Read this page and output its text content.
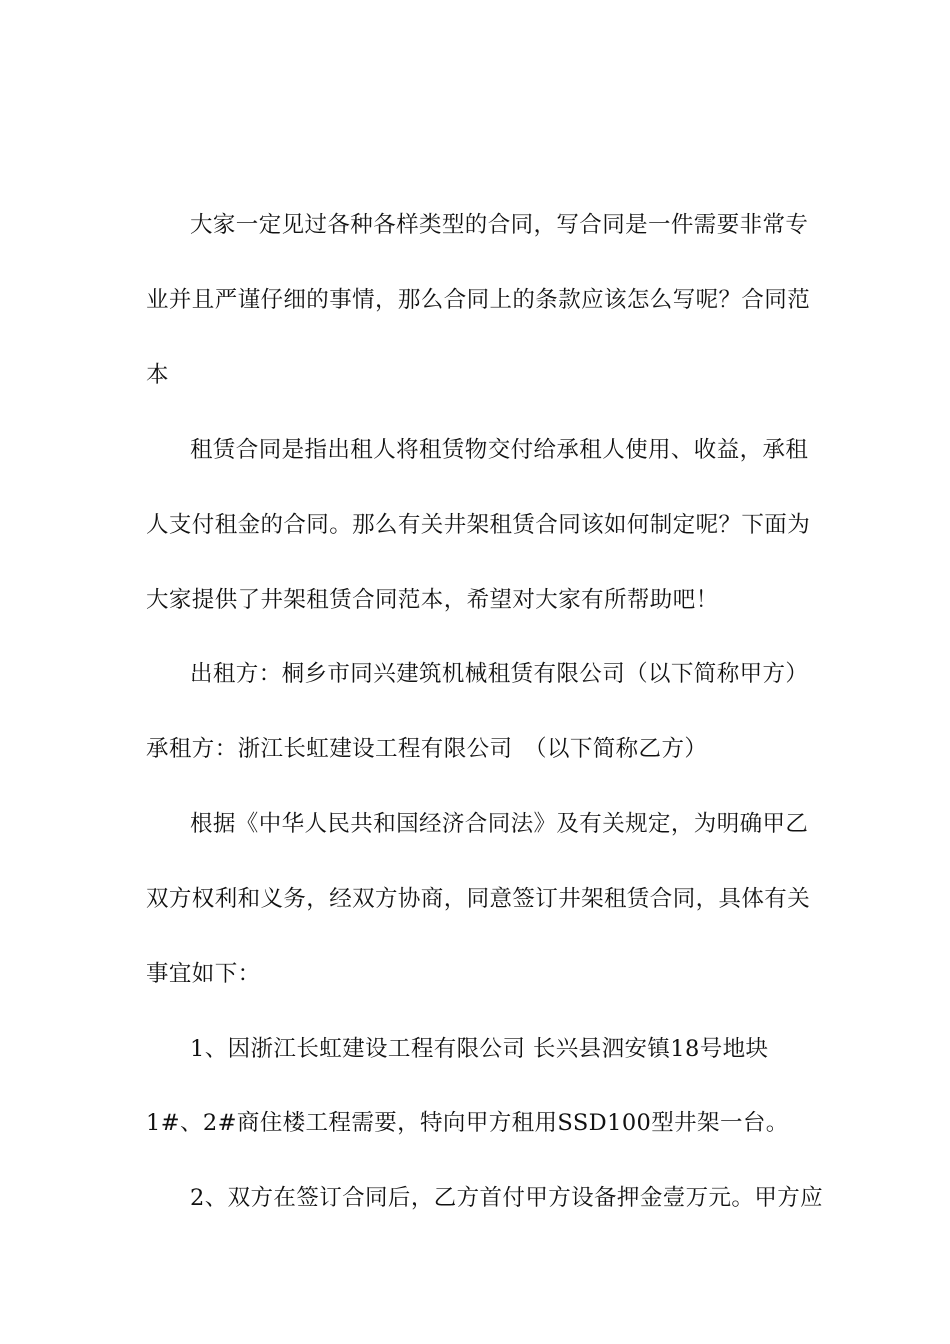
大家一定见过各种各样类型的合同，写合同是一件需要非常专
业并且严谨仔细的事情，那么合同上的条款应该怎么写呢？合同范
本
租赁合同是指出租人将租赁物交付给承租人使用、收益，承租
人支付租金的合同。那么有关井架租赁合同该如何制定呢？下面为
大家提供了井架租赁合同范本，希望对大家有所帮助吧！
出租方：桐乡市同兴建筑机械租赁有限公司（以下简称甲方）
承租方：浙江长虹建设工程有限公司　（以下简称乙方）
根据《中华人民共和国经济合同法》及有关规定，为明确甲乙
双方权利和义务，经双方协商，同意签订井架租赁合同，具体有关
事宜如下：
1、因浙江长虹建设工程有限公司 长兴县泗安镇18号地块
1#、2#商住楼工程需要，特向甲方租用SSD100型井架一台。
2、双方在签订合同后，乙方首付甲方设备押金壹万元。甲方应
